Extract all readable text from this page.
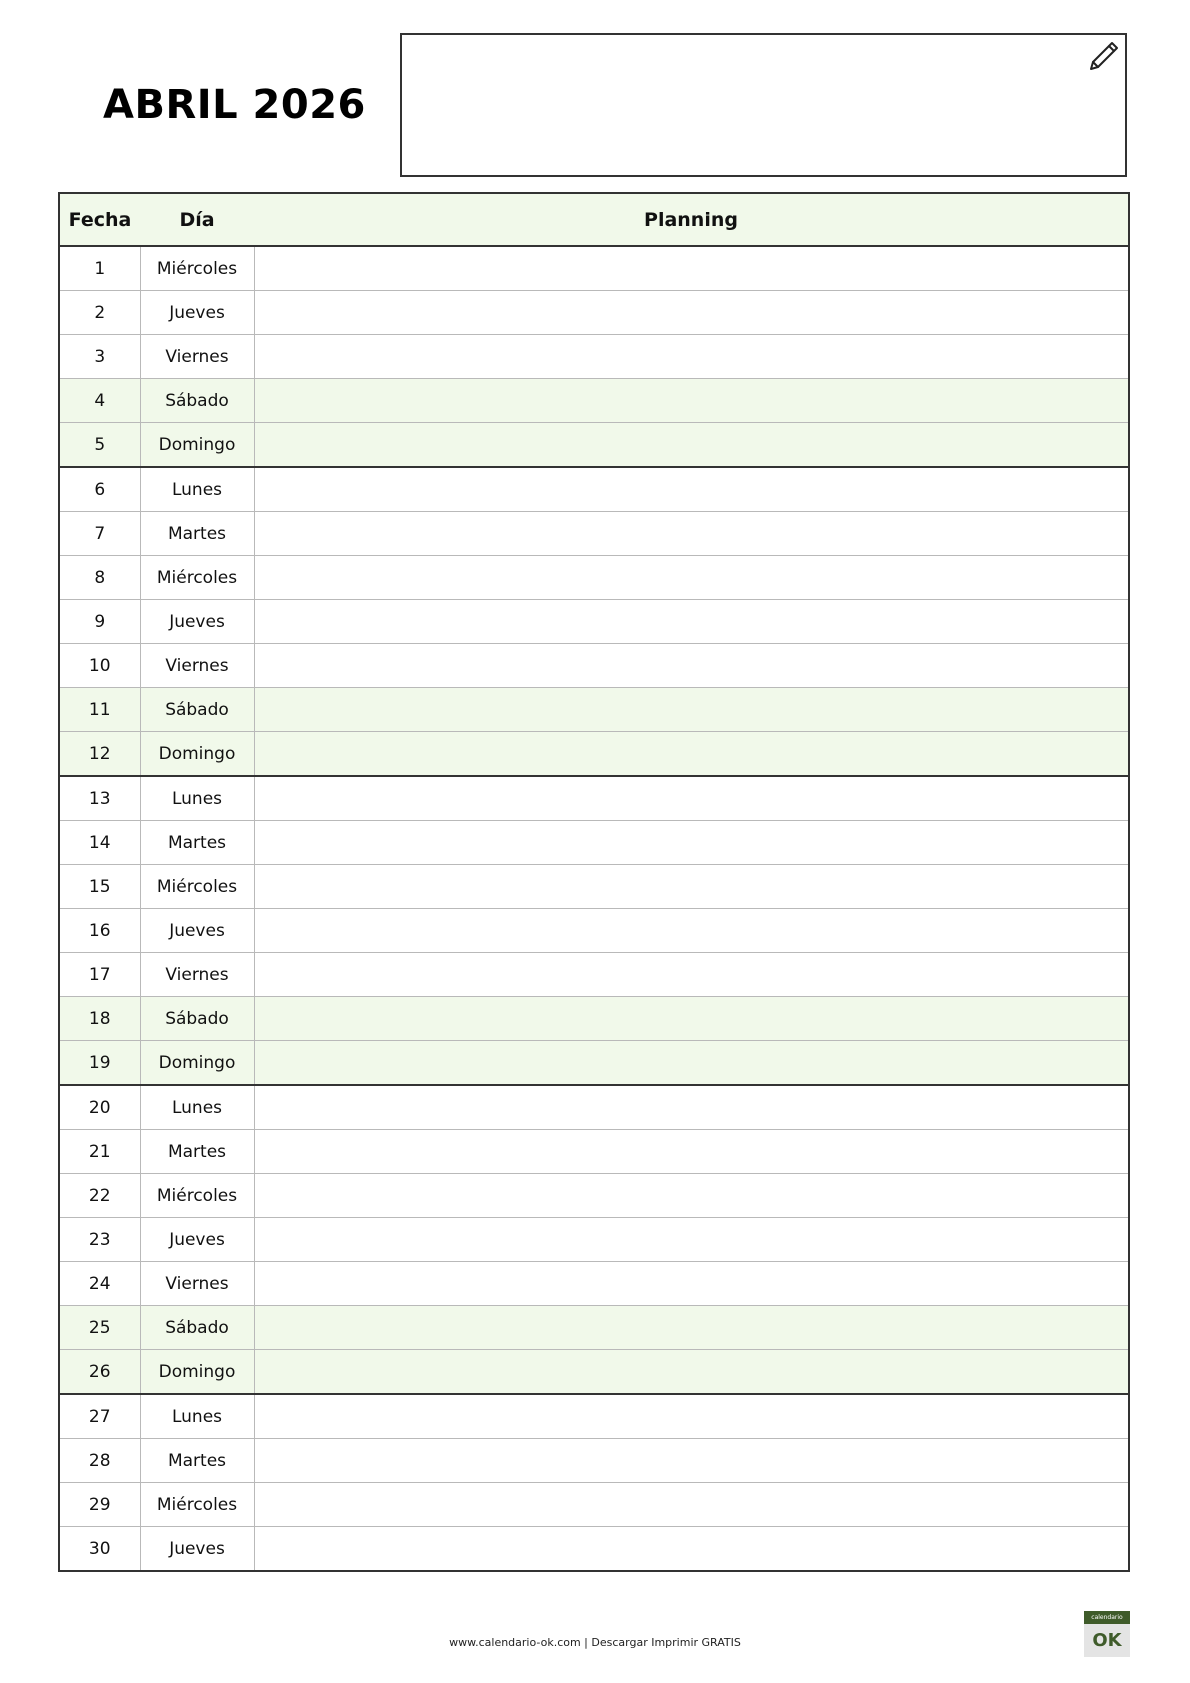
ABRIL 2026
Fecha	Día	Planning
1	Miércoles	
2	Jueves	
3	Viernes	
4	Sábado	
5	Domingo	
6	Lunes	
7	Martes	
8	Miércoles	
9	Jueves	
10	Viernes	
11	Sábado	
12	Domingo	
13	Lunes	
14	Martes	
15	Miércoles	
16	Jueves	
17	Viernes	
18	Sábado	
19	Domingo	
20	Lunes	
21	Martes	
22	Miércoles	
23	Jueves	
24	Viernes	
25	Sábado	
26	Domingo	
27	Lunes	
28	Martes	
29	Miércoles	
30	Jueves	
www.calendario-ok.com | Descargar Imprimir GRATIS
calendario
OK
